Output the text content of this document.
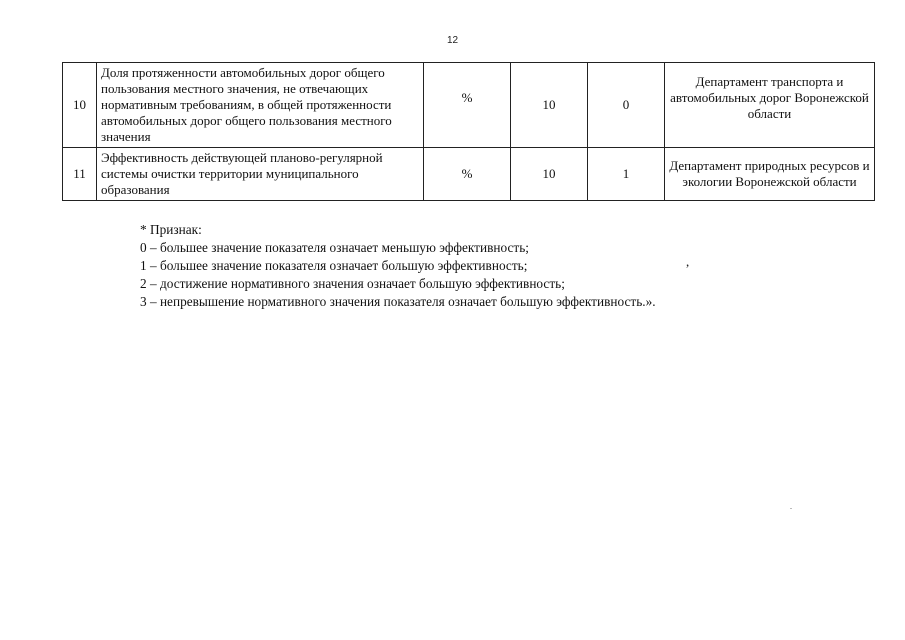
12
10	Доля протяженности автомобильных дорог общего пользования местного значения, не отвечающих нормативным требованиям, в общей протяженности автомобильных дорог общего пользования местного значения	%	10	0	Департамент транспорта и автомобильных дорог Воронежской области
11	Эффективность действующей планово-регулярной системы очистки территории муниципального образования	%	10	1	Департамент природных ресурсов и экологии Воронежской области
* Признак:
0 – большее значение показателя означает меньшую эффективность;
1 – большее значение показателя означает большую эффективность;
2 – достижение нормативного значения означает большую эффективность;
3 – непревышение нормативного значения показателя означает большую эффективность.».
,
